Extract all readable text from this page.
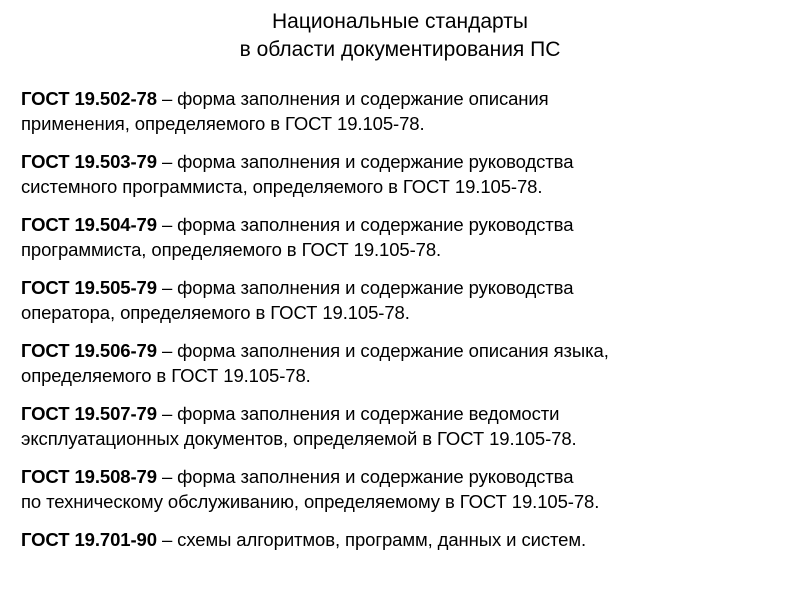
Национальные стандарты
в области документирования ПС
ГОСТ 19.502-78 – форма заполнения и содержание описания
применения, определяемого в ГОСТ 19.105-78.
ГОСТ 19.503-79 – форма заполнения и содержание руководства
системного программиста, определяемого в ГОСТ 19.105-78.
ГОСТ 19.504-79 – форма заполнения и содержание руководства
программиста, определяемого в ГОСТ 19.105-78.
ГОСТ 19.505-79 – форма заполнения и содержание руководства
оператора, определяемого в ГОСТ 19.105-78.
ГОСТ 19.506-79 – форма заполнения и содержание описания языка,
определяемого в ГОСТ 19.105-78.
ГОСТ 19.507-79 – форма заполнения и содержание ведомости
эксплуатационных документов, определяемой в ГОСТ 19.105-78.
ГОСТ 19.508-79 – форма заполнения и содержание руководства
по техническому обслуживанию, определяемому в ГОСТ 19.105-78.
ГОСТ 19.701-90 – схемы алгоритмов, программ, данных и систем.
